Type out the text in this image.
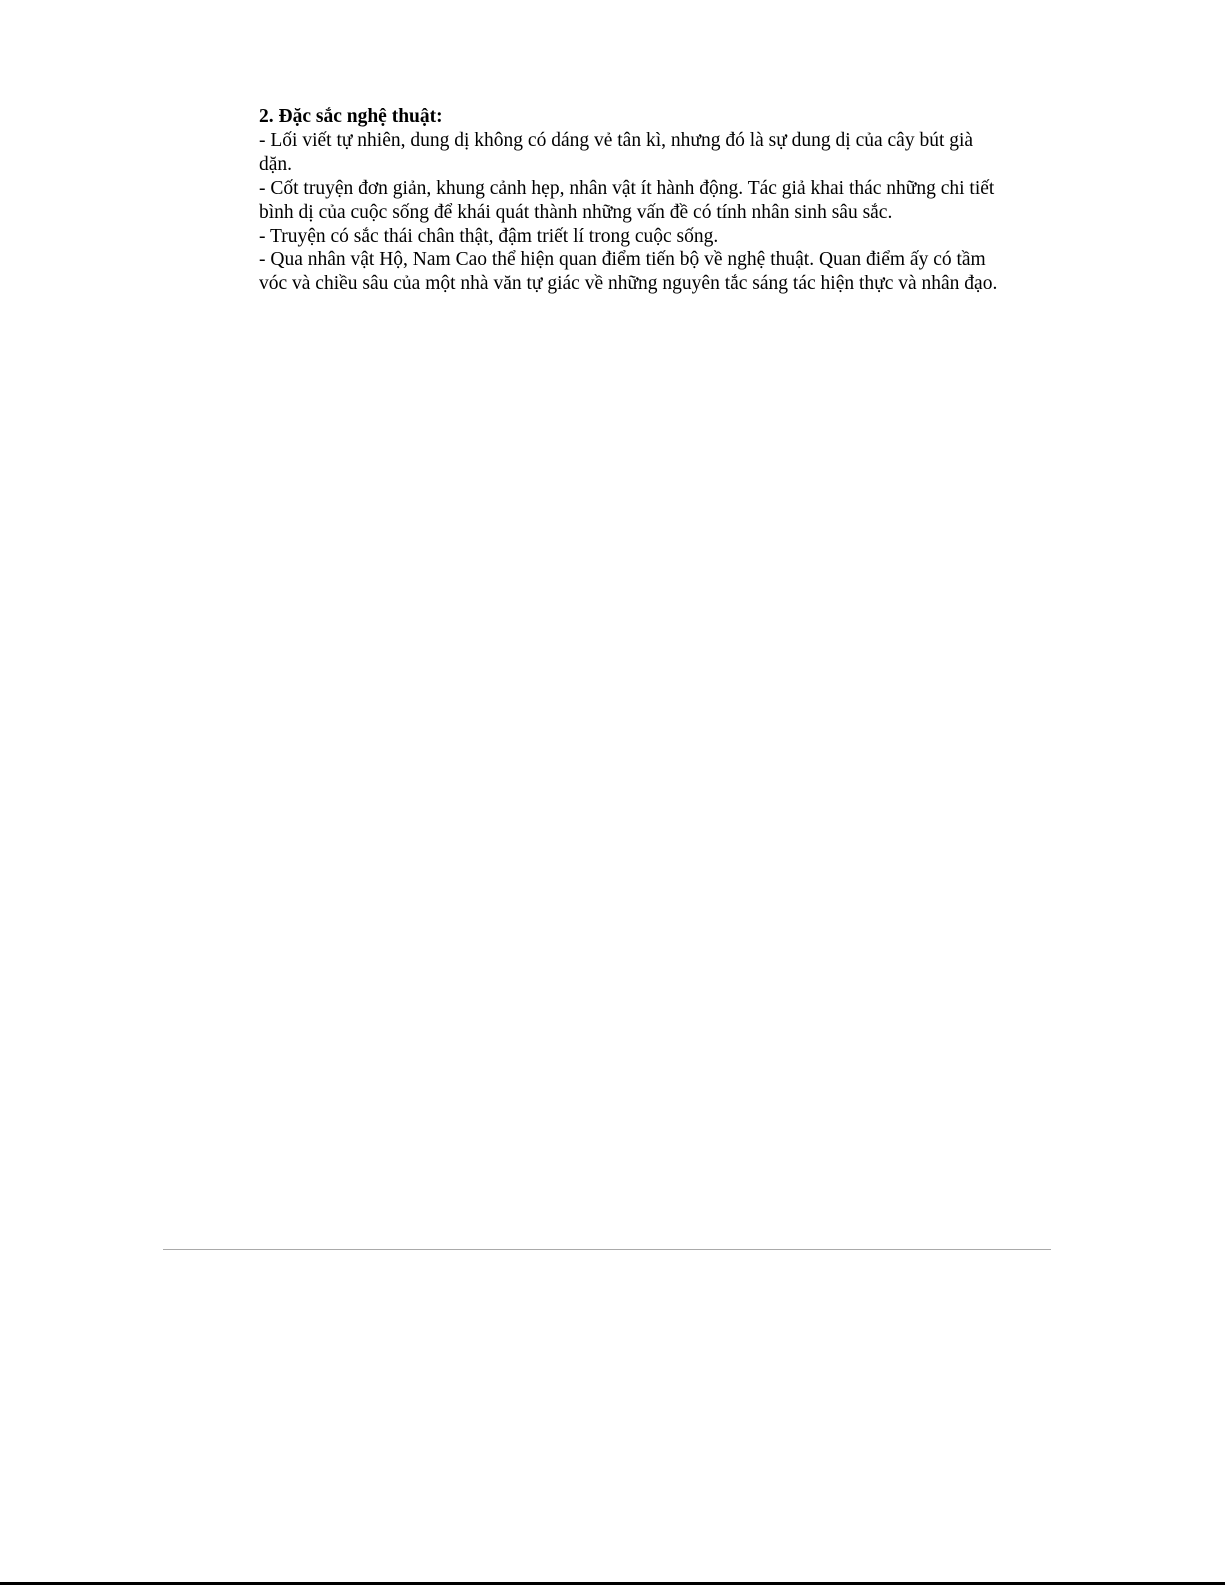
2. Đặc sắc nghệ thuật:

- Lối viết tự nhiên, dung dị không có dáng vẻ tân kì, nhưng đó là sự dung dị của cây bút già dặn.

- Cốt truyện đơn giản, khung cảnh hẹp, nhân vật ít hành động. Tác giả khai thác những chi tiết bình dị của cuộc sống để khái quát thành những vấn đề có tính nhân sinh sâu sắc.

- Truyện có sắc thái chân thật, đậm triết lí trong cuộc sống.

- Qua nhân vật Hộ, Nam Cao thể hiện quan điểm tiến bộ về nghệ thuật. Quan điểm ấy có tầm vóc và chiều sâu của một nhà văn tự giác về những nguyên tắc sáng tác hiện thực và nhân đạo.
